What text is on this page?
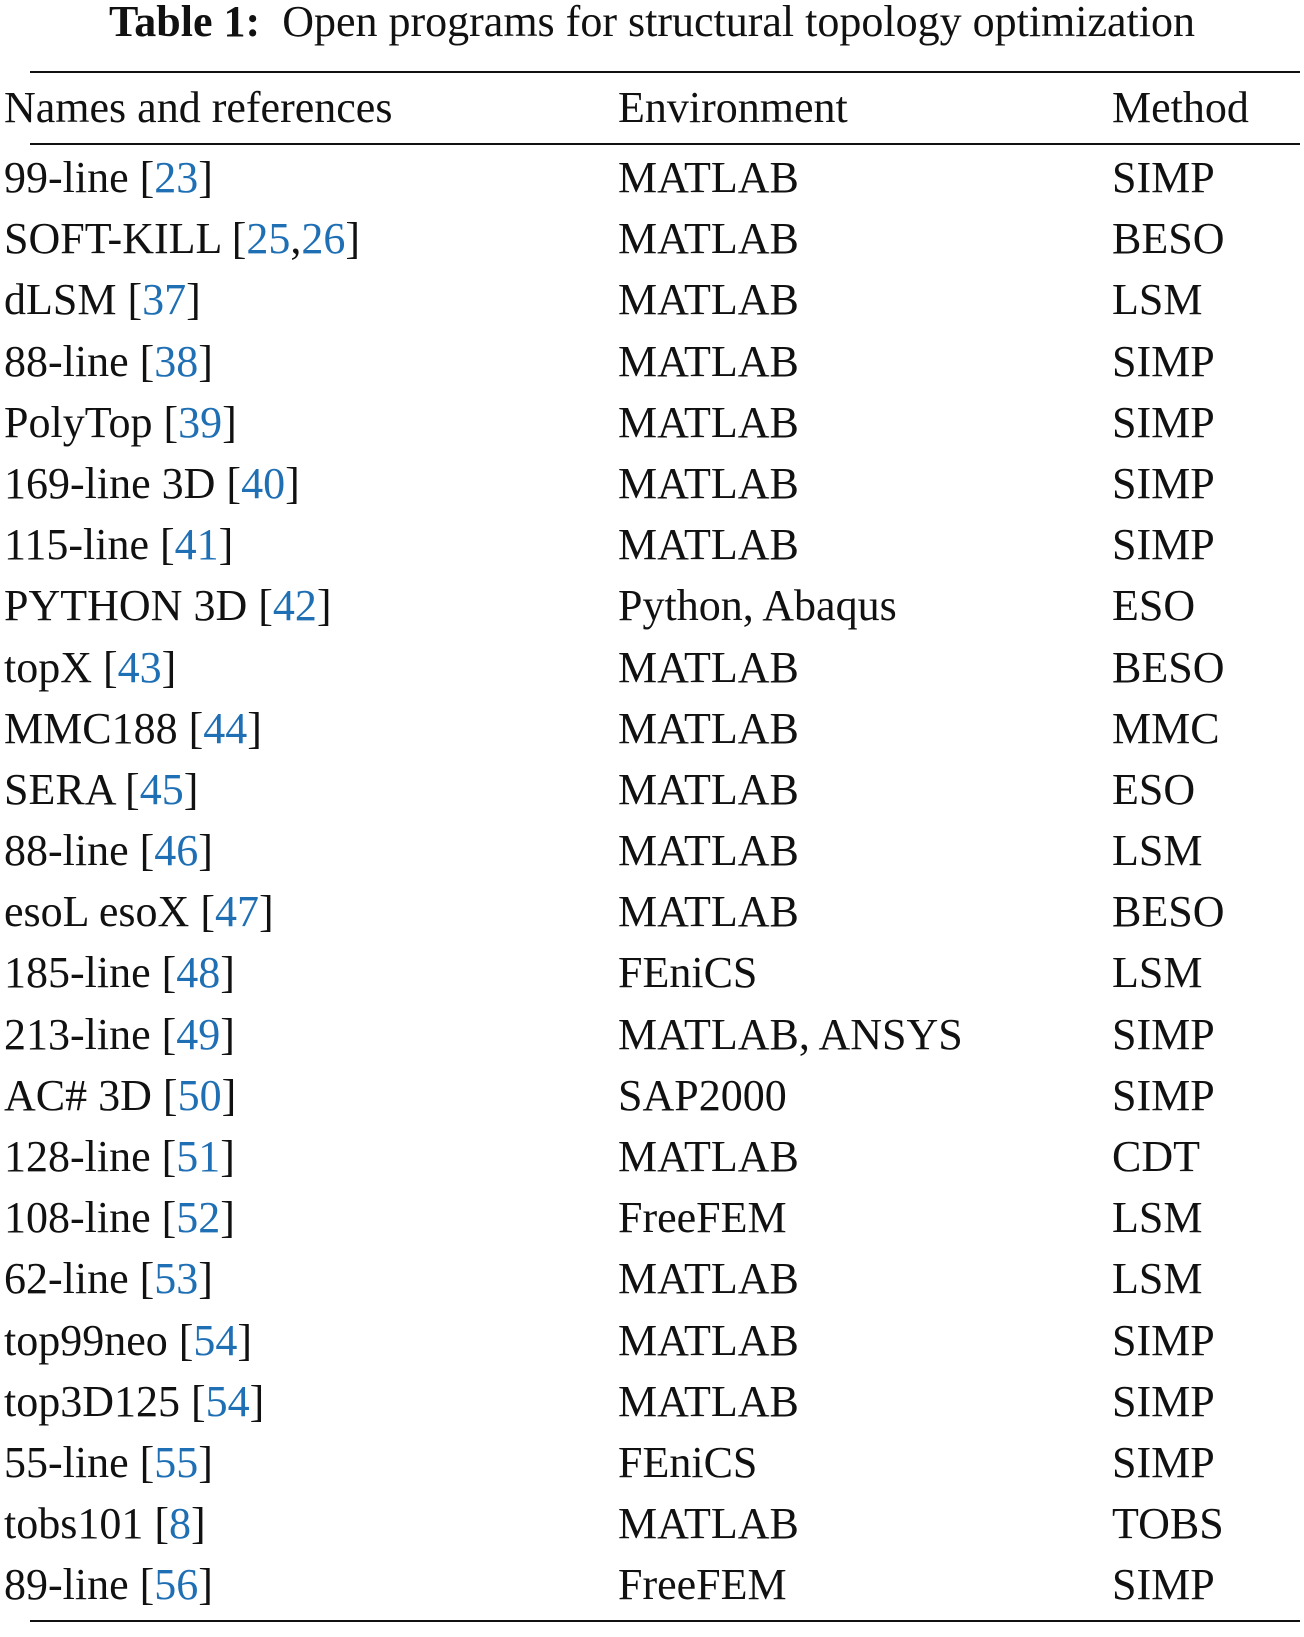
Table 1: Open programs for structural topology optimization
Names and references	Environment	Method
99-line [23]	MATLAB	SIMP
SOFT-KILL [25,26]	MATLAB	BESO
dLSM [37]	MATLAB	LSM
88-line [38]	MATLAB	SIMP
PolyTop [39]	MATLAB	SIMP
169-line 3D [40]	MATLAB	SIMP
115-line [41]	MATLAB	SIMP
PYTHON 3D [42]	Python, Abaqus	ESO
topX [43]	MATLAB	BESO
MMC188 [44]	MATLAB	MMC
SERA [45]	MATLAB	ESO
88-line [46]	MATLAB	LSM
esoL esoX [47]	MATLAB	BESO
185-line [48]	FEniCS	LSM
213-line [49]	MATLAB, ANSYS	SIMP
AC# 3D [50]	SAP2000	SIMP
128-line [51]	MATLAB	CDT
108-line [52]	FreeFEM	LSM
62-line [53]	MATLAB	LSM
top99neo [54]	MATLAB	SIMP
top3D125 [54]	MATLAB	SIMP
55-line [55]	FEniCS	SIMP
tobs101 [8]	MATLAB	TOBS
89-line [56]	FreeFEM	SIMP
